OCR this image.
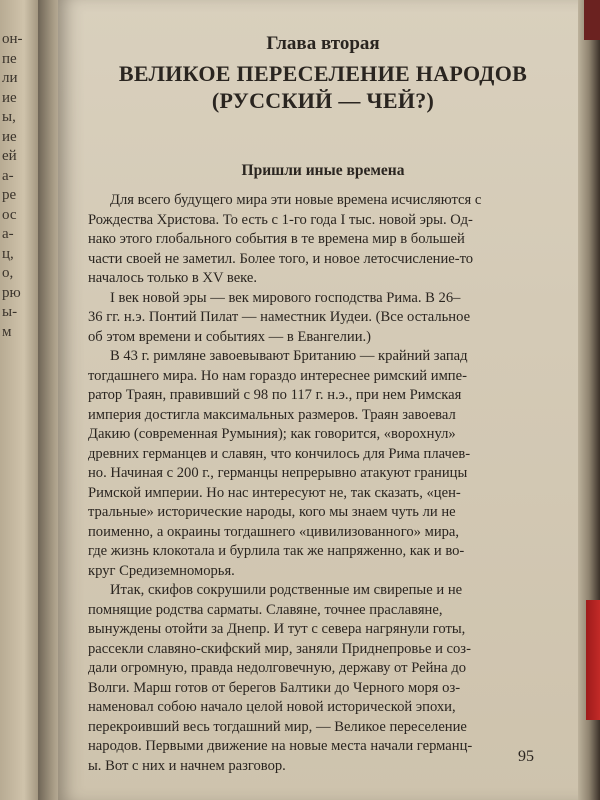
он-
пе
ли
ие
ы,
ие
ей
а-
ре
ос
а-
ц,
о,
рю
ы-
м
Глава вторая
ВЕЛИКОЕ ПЕРЕСЕЛЕНИЕ НАРОДОВ
(РУССКИЙ — ЧЕЙ?)
Пришли иные времена

Для всего будущего мира эти новые времена исчисляются с
Рождества Христова. То есть с 1-го года I тыс. новой эры. Од-
нако этого глобального события в те времена мир в большей
части своей не заметил. Более того, и новое летосчисление-то
началось только в XV веке.

I век новой эры — век мирового господства Рима. В 26–
36 гг. н.э. Понтий Пилат — наместник Иудеи. (Все остальное
об этом времени и событиях — в Евангелии.)

В 43 г. римляне завоевывают Британию — крайний запад
тогдашнего мира. Но нам гораздо интереснее римский импе-
ратор Траян, правивший с 98 по 117 г. н.э., при нем Римская
империя достигла максимальных размеров. Траян завоевал
Дакию (современная Румыния); как говорится, «ворохнул»
древних германцев и славян, что кончилось для Рима плачев-
но. Начиная с 200 г., германцы непрерывно атакуют границы
Римской империи. Но нас интересуют не, так сказать, «цен-
тральные» исторические народы, кого мы знаем чуть ли не
поименно, а окраины тогдашнего «цивилизованного» мира,
где жизнь клокотала и бурлила так же напряженно, как и во-
круг Средиземноморья.

Итак, скифов сокрушили родственные им свирепые и не
помнящие родства сарматы. Славяне, точнее праславяне,
вынуждены отойти за Днепр. И тут с севера нагрянули готы,
рассекли славяно-скифский мир, заняли Приднепровье и соз-
дали огромную, правда недолговечную, державу от Рейна до
Волги. Марш готов от берегов Балтики до Черного моря оз-
наменовал собою начало целой новой исторической эпохи,
перекроивший весь тогдашний мир, — Великое переселение
народов. Первыми движение на новые места начали германц-
ы. Вот с них и начнем разговор.

95
